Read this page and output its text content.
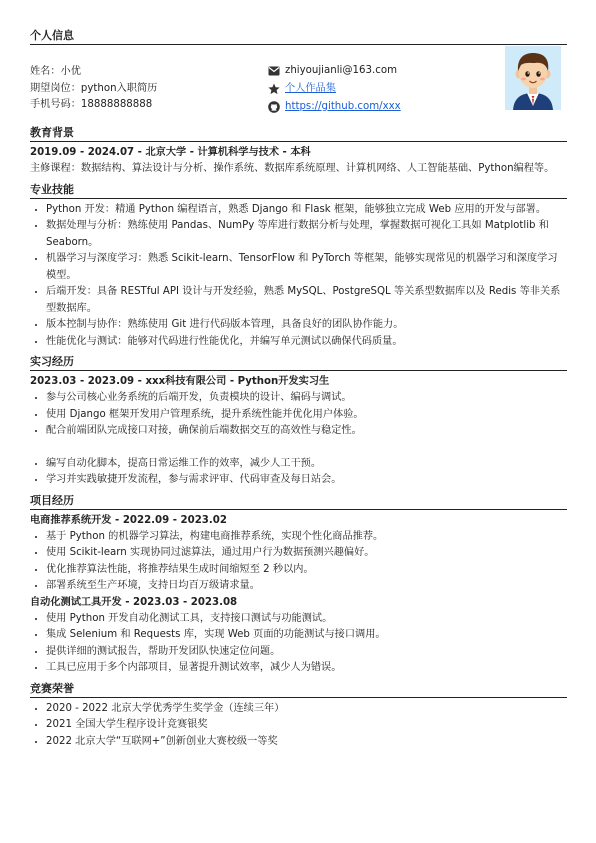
个人信息
姓名：小优
期望岗位：python入职简历
手机号码：18888888888
zhiyoujianli@163.com
个人作品集
https://github.com/xxx
教育背景
2019.09 - 2024.07 - 北京大学 - 计算机科学与技术 - 本科
主修课程：数据结构、算法设计与分析、操作系统、数据库系统原理、计算机网络、人工智能基础、Python编程等。
专业技能
• Python 开发：精通 Python 编程语言，熟悉 Django 和 Flask 框架，能够独立完成 Web 应用的开发与部署。
• 数据处理与分析：熟练使用 Pandas、NumPy 等库进行数据分析与处理，掌握数据可视化工具如 Matplotlib 和 Seaborn。
• 机器学习与深度学习：熟悉 Scikit-learn、TensorFlow 和 PyTorch 等框架，能够实现常见的机器学习和深度学习模型。
• 后端开发：具备 RESTful API 设计与开发经验，熟悉 MySQL、PostgreSQL 等关系型数据库以及 Redis 等非关系型数据库。
• 版本控制与协作：熟练使用 Git 进行代码版本管理，具备良好的团队协作能力。
• 性能优化与测试：能够对代码进行性能优化，并编写单元测试以确保代码质量。
实习经历
2023.03 - 2023.09 - xxx科技有限公司 - Python开发实习生
• 参与公司核心业务系统的后端开发，负责模块的设计、编码与调试。
• 使用 Django 框架开发用户管理系统，提升系统性能并优化用户体验。
• 配合前端团队完成接口对接，确保前后端数据交互的高效性与稳定性。
• 编写自动化脚本，提高日常运维工作的效率，减少人工干预。
• 学习并实践敏捷开发流程，参与需求评审、代码审查及每日站会。
项目经历
电商推荐系统开发 - 2022.09 - 2023.02
• 基于 Python 的机器学习算法，构建电商推荐系统，实现个性化商品推荐。
• 使用 Scikit-learn 实现协同过滤算法，通过用户行为数据预测兴趣偏好。
• 优化推荐算法性能，将推荐结果生成时间缩短至 2 秒以内。
• 部署系统至生产环境，支持日均百万级请求量。
自动化测试工具开发 - 2023.03 - 2023.08
• 使用 Python 开发自动化测试工具，支持接口测试与功能测试。
• 集成 Selenium 和 Requests 库，实现 Web 页面的功能测试与接口调用。
• 提供详细的测试报告，帮助开发团队快速定位问题。
• 工具已应用于多个内部项目，显著提升测试效率，减少人为错误。
竞赛荣誉
• 2020 - 2022 北京大学优秀学生奖学金（连续三年）
• 2021 全国大学生程序设计竞赛银奖
• 2022 北京大学“互联网+”创新创业大赛校级一等奖
